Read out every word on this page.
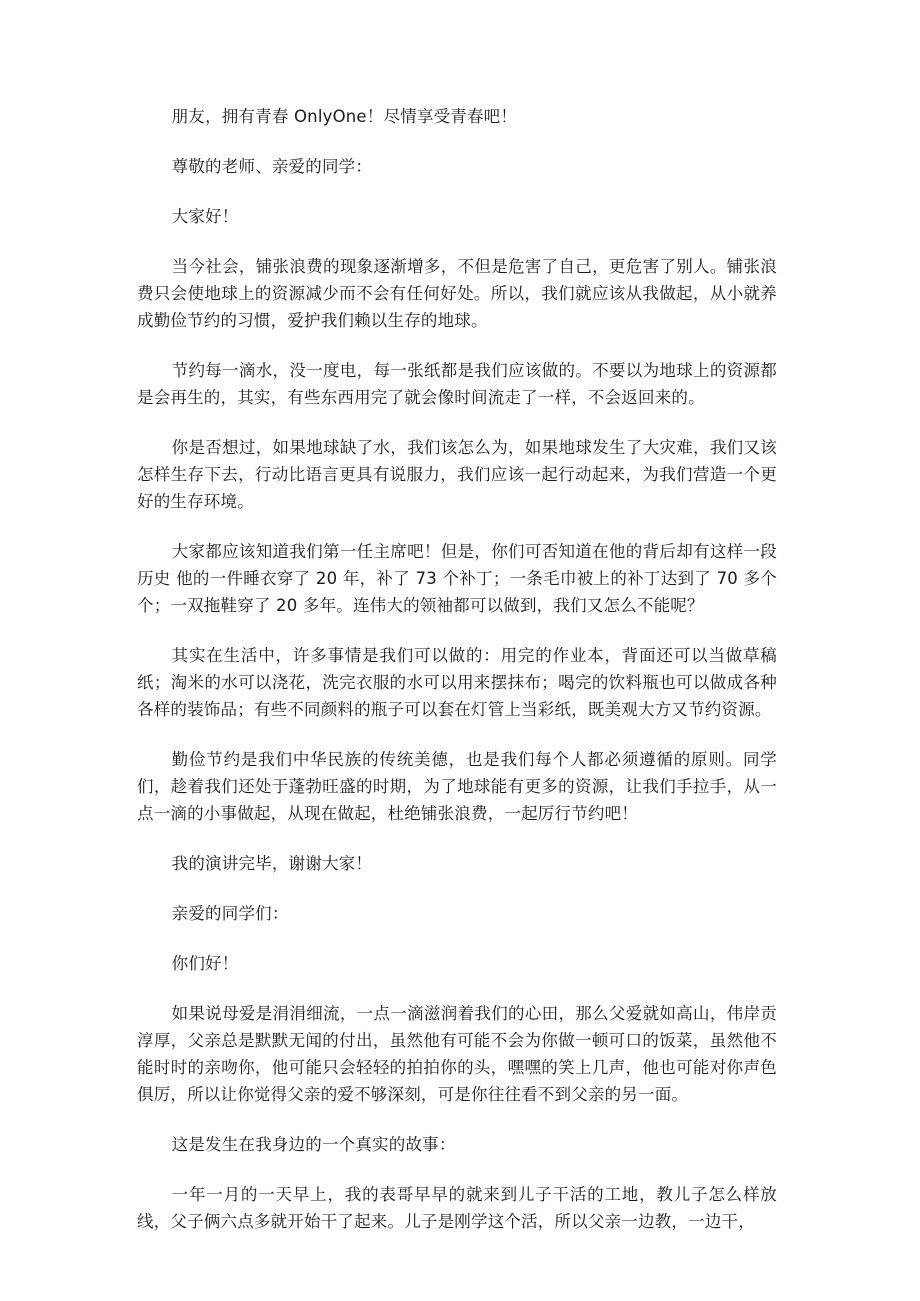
朋友，拥有青春 OnlyOne！尽情享受青春吧！

尊敬的老师、亲爱的同学：

大家好！

当今社会，铺张浪费的现象逐渐增多，不但是危害了自己，更危害了别人。铺张浪费只会使地球上的资源减少而不会有任何好处。所以，我们就应该从我做起，从小就养成勤俭节约的习惯，爱护我们赖以生存的地球。

节约每一滴水，没一度电，每一张纸都是我们应该做的。不要以为地球上的资源都是会再生的，其实，有些东西用完了就会像时间流走了一样，不会返回来的。

你是否想过，如果地球缺了水，我们该怎么为，如果地球发生了大灾难，我们又该怎样生存下去，行动比语言更具有说服力，我们应该一起行动起来，为我们营造一个更好的生存环境。

大家都应该知道我们第一任主席吧！但是，你们可否知道在他的背后却有这样一段历史 他的一件睡衣穿了 20 年，补了 73 个补丁；一条毛巾被上的补丁达到了 70 多个个；一双拖鞋穿了 20 多年。连伟大的领袖都可以做到，我们又怎么不能呢？

其实在生活中，许多事情是我们可以做的：用完的作业本，背面还可以当做草稿纸；淘米的水可以浇花，洗完衣服的水可以用来摆抹布；喝完的饮料瓶也可以做成各种各样的装饰品；有些不同颜料的瓶子可以套在灯管上当彩纸，既美观大方又节约资源。

勤俭节约是我们中华民族的传统美德，也是我们每个人都必须遵循的原则。同学们，趁着我们还处于蓬勃旺盛的时期，为了地球能有更多的资源，让我们手拉手，从一点一滴的小事做起，从现在做起，杜绝铺张浪费，一起厉行节约吧！

我的演讲完毕，谢谢大家！

亲爱的同学们：

你们好！

如果说母爱是涓涓细流，一点一滴滋润着我们的心田，那么父爱就如高山，伟岸贡淳厚，父亲总是默默无闻的付出，虽然他有可能不会为你做一顿可口的饭菜，虽然他不能时时的亲吻你，他可能只会轻轻的拍拍你的头，嘿嘿的笑上几声，他也可能对你声色俱厉，所以让你觉得父亲的爱不够深刻，可是你往往看不到父亲的另一面。

这是发生在我身边的一个真实的故事：

一年一月的一天早上，我的表哥早早的就来到儿子干活的工地，教儿子怎么样放线，父子俩六点多就开始干了起来。儿子是刚学这个活，所以父亲一边教，一边干，
